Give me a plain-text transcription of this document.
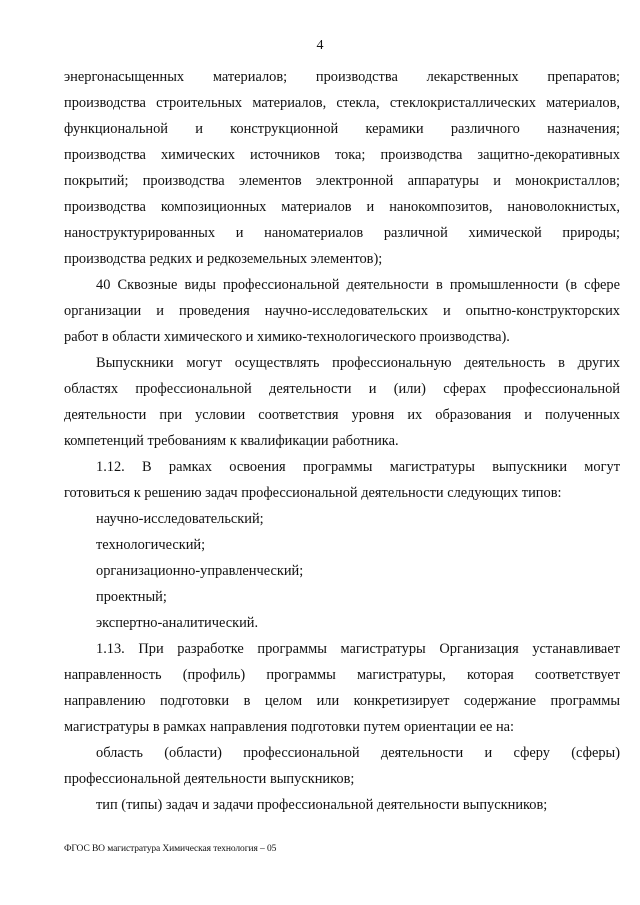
4

энергонасыщенных материалов; производства лекарственных препаратов;

производства строительных материалов, стекла, стеклокристаллических материалов,

функциональной и конструкционной керамики различного назначения;

производства химических источников тока; производства защитно-декоративных

покрытий; производства элементов электронной аппаратуры и монокристаллов;

производства композиционных материалов и нанокомпозитов, нановолокнистых,

наноструктурированных и наноматериалов различной химической природы;

производства редких и редкоземельных элементов);

40 Сквозные виды профессиональной деятельности в промышленности (в сфере

организации и проведения научно-исследовательских и опытно-конструкторских

работ в области химического и химико-технологического производства).

Выпускники могут осуществлять профессиональную деятельность в других

областях профессиональной деятельности и (или) сферах профессиональной

деятельности при условии соответствия уровня их образования и полученных

компетенций требованиям к квалификации работника.

1.12. В рамках освоения программы магистратуры выпускники могут

готовиться к решению задач профессиональной деятельности следующих типов:

научно-исследовательский;

технологический;

организационно-управленческий;

проектный;

экспертно-аналитический.

1.13. При разработке программы магистратуры Организация устанавливает

направленность (профиль) программы магистратуры, которая соответствует

направлению подготовки в целом или конкретизирует содержание программы

магистратуры в рамках направления подготовки путем ориентации ее на:

область (области) профессиональной деятельности и сферу (сферы)

профессиональной деятельности выпускников;

тип (типы) задач и задачи профессиональной деятельности выпускников;

ФГОС ВО магистратура Химическая технология – 05
